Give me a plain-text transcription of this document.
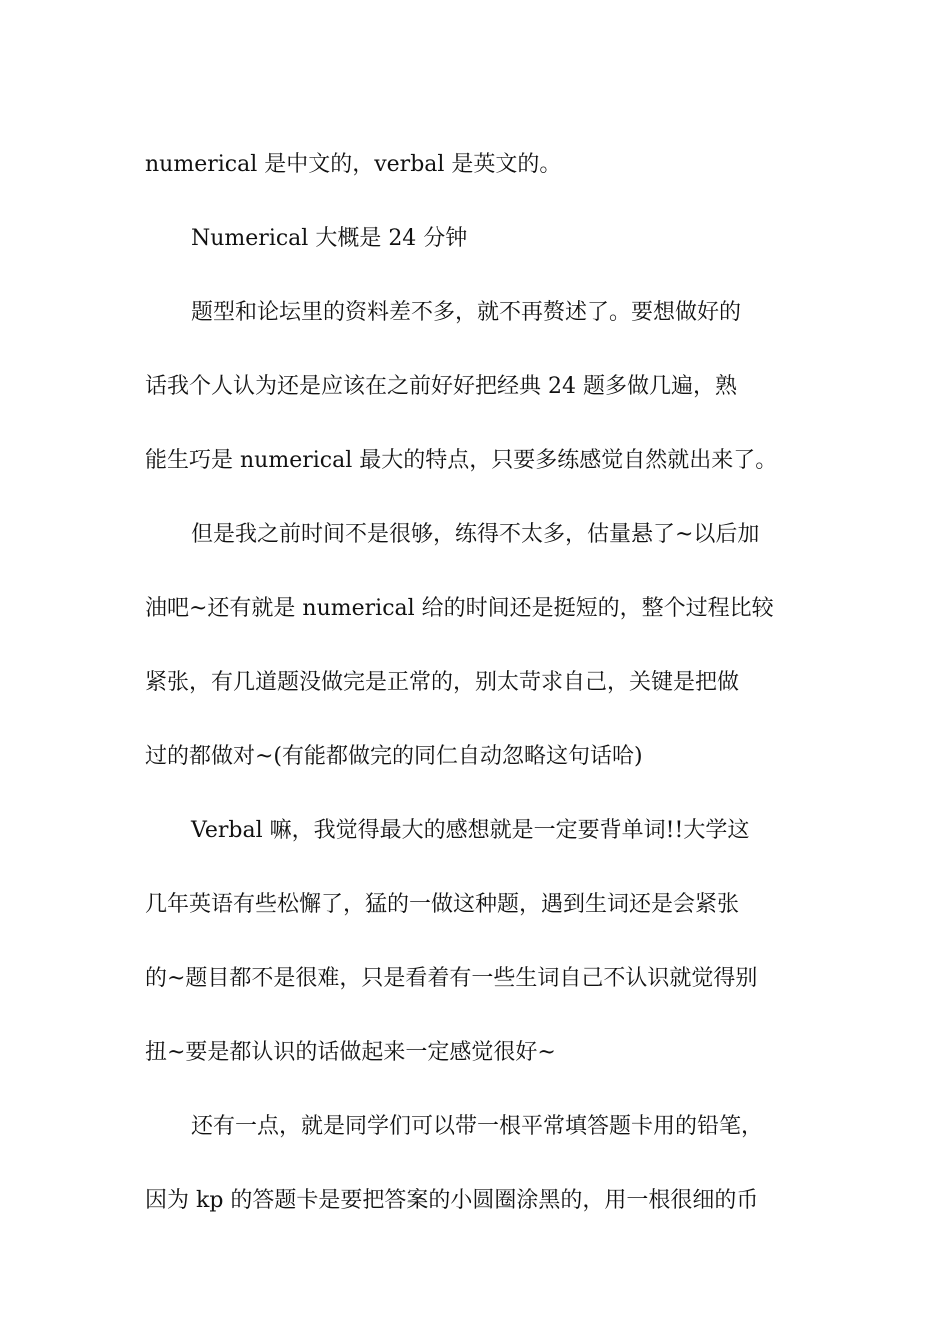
numerical 是中文的，verbal 是英文的。

Numerical 大概是 24 分钟

题型和论坛里的资料差不多，就不再赘述了。要想做好的
话我个人认为还是应该在之前好好把经典 24 题多做几遍，熟
能生巧是 numerical 最大的特点，只要多练感觉自然就出来了。

但是我之前时间不是很够，练得不太多，估量悬了~以后加
油吧~还有就是 numerical 给的时间还是挺短的，整个过程比较
紧张，有几道题没做完是正常的，别太苛求自己，关键是把做
过的都做对~(有能都做完的同仁自动忽略这句话哈)

Verbal 嘛，我觉得最大的感想就是一定要背单词!!大学这
几年英语有些松懈了，猛的一做这种题，遇到生词还是会紧张
的~题目都不是很难，只是看着有一些生词自己不认识就觉得别
扭~要是都认识的话做起来一定感觉很好~

还有一点，就是同学们可以带一根平常填答题卡用的铅笔，
因为 kp 的答题卡是要把答案的小圆圈涂黑的，用一根很细的币
